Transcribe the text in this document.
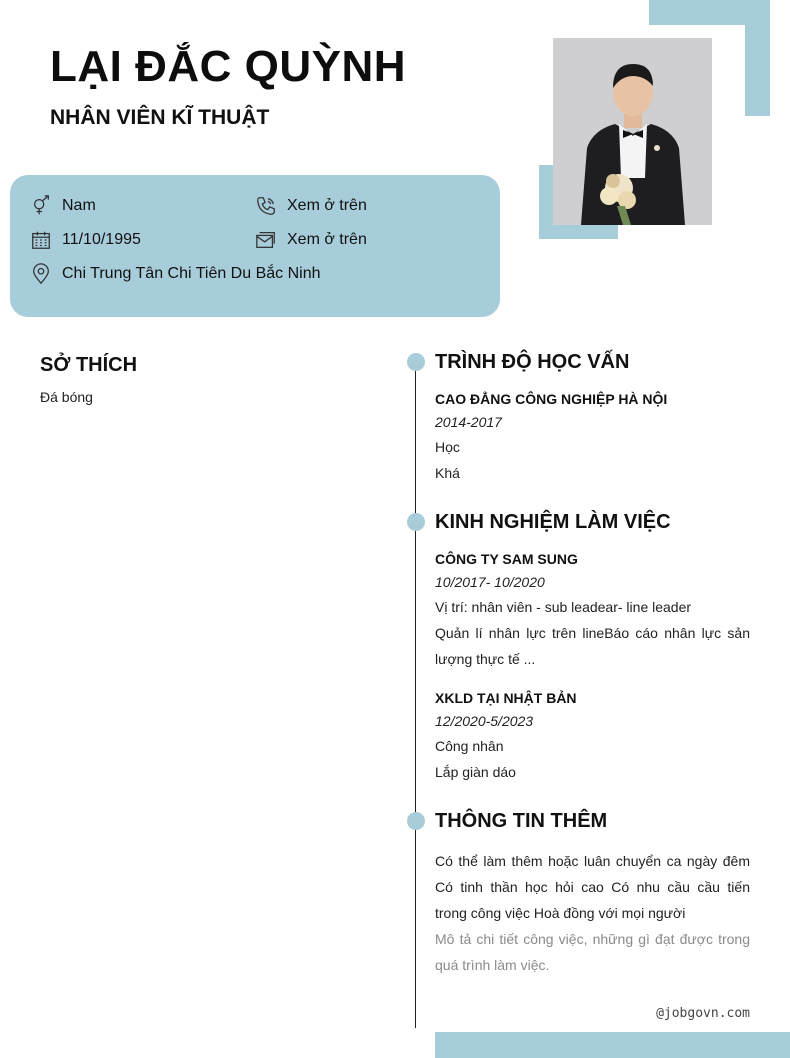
LẠI ĐẮC QUỲNH
NHÂN VIÊN KĨ THUẬT
Nam	Xem ở trên
11/10/1995	Xem ở trên
Chi Trung Tân Chi Tiên Du Bắc Ninh
SỞ THÍCH
Đá bóng
TRÌNH ĐỘ HỌC VẤN
CAO ĐẲNG CÔNG NGHIỆP HÀ NỘI
2014-2017
Học
Khá
KINH NGHIỆM LÀM VIỆC
CÔNG TY SAM SUNG
10/2017- 10/2020
Vị trí: nhân viên - sub leadear- line leader
Quản lí nhân lực trên lineBáo cáo nhân lực sản lượng thực tế ...
XKLD TẠI NHẬT BẢN
12/2020-5/2023
Công nhân
Lắp giàn dáo
THÔNG TIN THÊM
Có thể làm thêm hoặc luân chuyển ca ngày đêm Có tinh thần học hỏi cao Có nhu cầu cầu tiến trong công việc Hoà đồng với mọi người
Mô tả chi tiết công việc, những gì đạt được trong quá trình làm việc.
@jobgovn.com
